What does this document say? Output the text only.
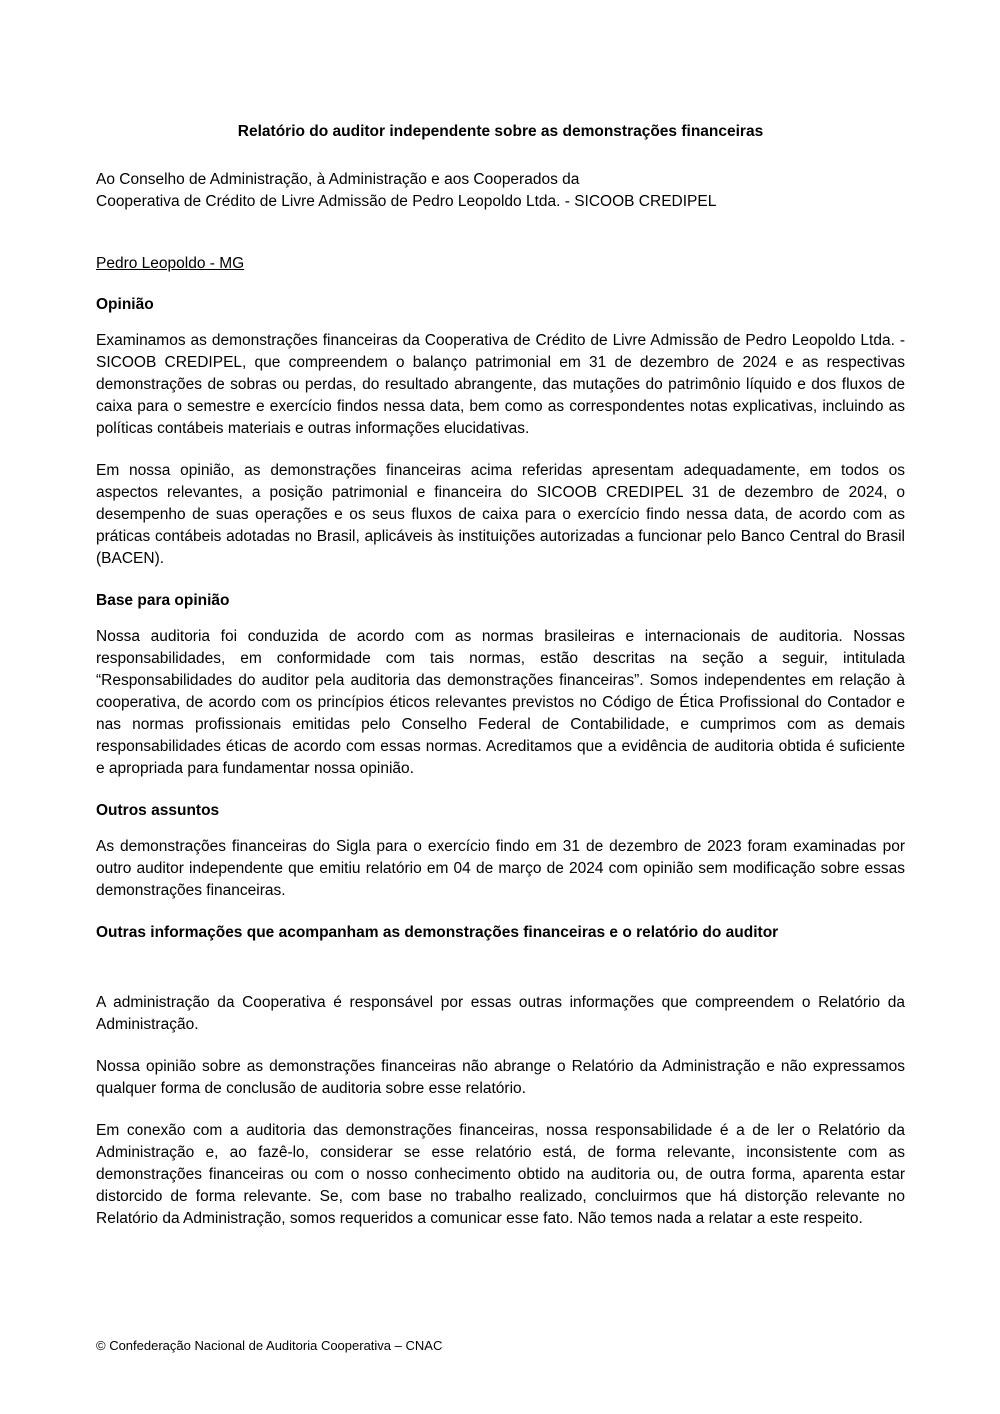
Relatório do auditor independente sobre as demonstrações financeiras

Ao Conselho de Administração, à Administração e aos Cooperados da

Cooperativa de Crédito de Livre Admissão de Pedro Leopoldo Ltda. - SICOOB CREDIPEL

Pedro Leopoldo - MG

Opinião

Examinamos as demonstrações financeiras da Cooperativa de Crédito de Livre Admissão de Pedro Leopoldo Ltda. - SICOOB CREDIPEL, que compreendem o balanço patrimonial em 31 de dezembro de 2024 e as respectivas demonstrações de sobras ou perdas, do resultado abrangente, das mutações do patrimônio líquido e dos fluxos de caixa para o semestre e exercício findos nessa data, bem como as correspondentes notas explicativas, incluindo as políticas contábeis materiais e outras informações elucidativas.

Em nossa opinião, as demonstrações financeiras acima referidas apresentam adequadamente, em todos os aspectos relevantes, a posição patrimonial e financeira do SICOOB CREDIPEL 31 de dezembro de 2024, o desempenho de suas operações e os seus fluxos de caixa para o exercício findo nessa data, de acordo com as práticas contábeis adotadas no Brasil, aplicáveis às instituições autorizadas a funcionar pelo Banco Central do Brasil (BACEN).

Base para opinião

Nossa auditoria foi conduzida de acordo com as normas brasileiras e internacionais de auditoria. Nossas responsabilidades, em conformidade com tais normas, estão descritas na seção a seguir, intitulada “Responsabilidades do auditor pela auditoria das demonstrações financeiras”. Somos independentes em relação à cooperativa, de acordo com os princípios éticos relevantes previstos no Código de Ética Profissional do Contador e nas normas profissionais emitidas pelo Conselho Federal de Contabilidade, e cumprimos com as demais responsabilidades éticas de acordo com essas normas. Acreditamos que a evidência de auditoria obtida é suficiente e apropriada para fundamentar nossa opinião.

Outros assuntos

As demonstrações financeiras do Sigla para o exercício findo em 31 de dezembro de 2023 foram examinadas por outro auditor independente que emitiu relatório em 04 de março de 2024 com opinião sem modificação sobre essas demonstrações financeiras.

Outras informações que acompanham as demonstrações financeiras e o relatório do auditor

A administração da Cooperativa é responsável por essas outras informações que compreendem o Relatório da Administração.

Nossa opinião sobre as demonstrações financeiras não abrange o Relatório da Administração e não expressamos qualquer forma de conclusão de auditoria sobre esse relatório.

Em conexão com a auditoria das demonstrações financeiras, nossa responsabilidade é a de ler o Relatório da Administração e, ao fazê-lo, considerar se esse relatório está, de forma relevante, inconsistente com as demonstrações financeiras ou com o nosso conhecimento obtido na auditoria ou, de outra forma, aparenta estar distorcido de forma relevante. Se, com base no trabalho realizado, concluirmos que há distorção relevante no Relatório da Administração, somos requeridos a comunicar esse fato. Não temos nada a relatar a este respeito.

© Confederação Nacional de Auditoria Cooperativa – CNAC
